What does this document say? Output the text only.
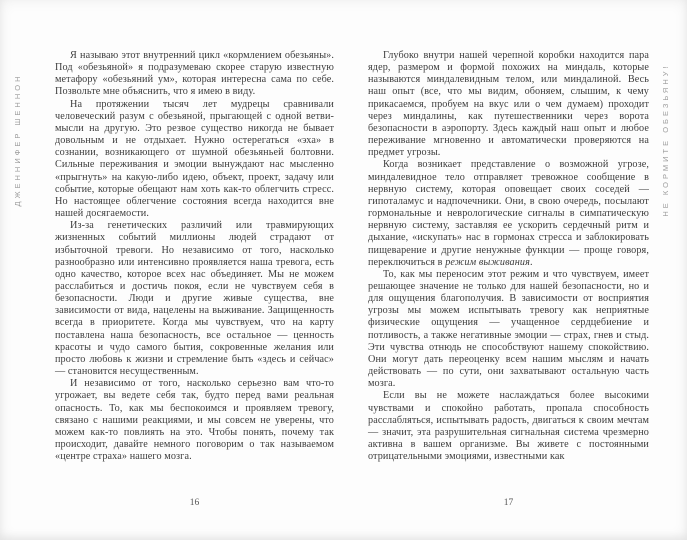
ДЖЕННИФЕР ШЕННОН	НЕ КОРМИТЕ ОБЕЗЬЯНУ!

Я называю этот внутренний цикл «кормлением обезьяны». Под «обезьяной» я подразумеваю скорее старую известную метафору «обезьяний ум», которая интересна сама по себе. Позвольте мне объяснить, что я имею в виду.

На протяжении тысяч лет мудрецы сравнивали человеческий разум с обезьяной, прыгающей с одной ветви-мысли на другую. Это резвое существо никогда не бывает довольным и не отдыхает. Нужно остерегаться «эха» в сознании, возникающего от шумной обезьяньей болтовни. Сильные переживания и эмоции вынуждают нас мысленно «прыгнуть» на какую-либо идею, объект, проект, задачу или событие, которые обещают нам хоть как-то облегчить стресс. Но настоящее облегчение состояния всегда находится вне нашей досягаемости.

Из-за генетических различий или травмирующих жизненных событий миллионы людей страдают от избыточной тревоги. Но независимо от того, насколько разнообразно или интенсивно проявляется наша тревога, есть одно качество, которое всех нас объединяет. Мы не можем расслабиться и достичь покоя, если не чувствуем себя в безопасности. Люди и другие живые существа, вне зависимости от вида, нацелены на выживание. Защищенность всегда в приоритете. Когда мы чувствуем, что на карту поставлена наша безопасность, все остальное — ценность красоты и чудо самого бытия, сокровенные желания или просто любовь к жизни и стремление быть «здесь и сейчас» — становится несущественным.

И независимо от того, насколько серьезно вам что-то угрожает, вы ведете себя так, будто перед вами реальная опасность. То, как мы беспокоимся и проявляем тревогу, связано с нашими реакциями, и мы совсем не уверены, что можем как-то повлиять на это. Чтобы понять, почему так происходит, давайте немного поговорим о так называемом «центре страха» нашего мозга.

Глубоко внутри нашей черепной коробки находится пара ядер, размером и формой похожих на миндаль, которые называются миндалевидным телом, или миндалиной. Весь наш опыт (все, что мы видим, обоняем, слышим, к чему прикасаемся, пробуем на вкус или о чем думаем) проходит через миндалины, как путешественники через ворота безопасности в аэропорту. Здесь каждый наш опыт и любое переживание мгновенно и автоматически проверяются на предмет угрозы.

Когда возникает представление о возможной угрозе, миндалевидное тело отправляет тревожное сообщение в нервную систему, которая оповещает своих соседей — гипоталамус и надпочечники. Они, в свою очередь, посылают гормональные и неврологические сигналы в симпатическую нервную систему, заставляя ее ускорить сердечный ритм и дыхание, «искупать» нас в гормонах стресса и заблокировать пищеварение и другие ненужные функции — проще говоря, переключиться в режим выживания.

То, как мы переносим этот режим и что чувствуем, имеет решающее значение не только для нашей безопасности, но и для ощущения благополучия. В зависимости от восприятия угрозы мы можем испытывать тревогу как неприятные физические ощущения — учащенное сердцебиение и потливость, а также негативные эмоции — страх, гнев и стыд. Эти чувства отнюдь не способствуют нашему спокойствию. Они могут дать переоценку всем нашим мыслям и начать действовать — по сути, они захватывают остальную часть мозга.

Если вы не можете наслаждаться более высокими чувствами и спокойно работать, пропала способность расслабляться, испытывать радость, двигаться к своим мечтам — значит, эта разрушительная сигнальная система чрезмерно активна в вашем организме. Вы живете с постоянными отрицательными эмоциями, известными как

16	17
